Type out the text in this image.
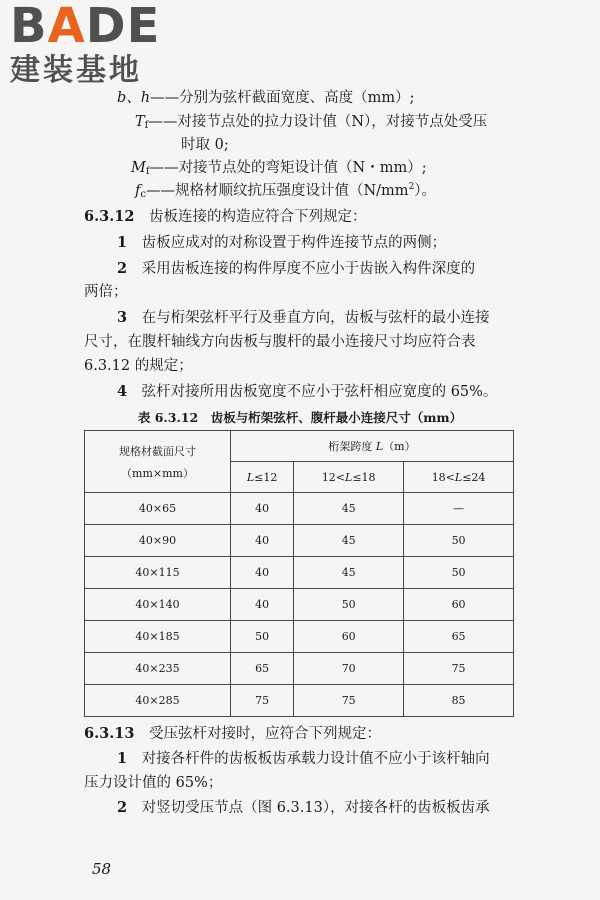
BADE
建装基地
b、h——分别为弦杆截面宽度、高度（mm）;
$T_f——$对接节点处的拉力设计值（N），对接节点处受压
时取 0;
$M_f——$对接节点处的弯矩设计值（N・mm）;
$f_c——$规格材顺纹抗压强度设计值$(N/mm^2)$。
6.3.12  齿板连接的构造应符合下列规定：
1  齿板应成对的对称设置于构件连接节点的两侧；
2  采用齿板连接的构件厚度不应小于齿嵌入构件深度的
两倍；
3  在与桁架弦杆平行及垂直方向，齿板与弦杆的最小连接
尺寸，在腹杆轴线方向齿板与腹杆的最小连接尺寸均应符合表
6.3.12 的规定；
4  弦杆对接所用齿板宽度不应小于弦杆相应宽度的 65%。
表 6.3.12　齿板与桁架弦杆、腹杆最小连接尺寸（mm）
规格材截面尺寸
（mm×mm）	桁架跨度 L（m）		
	L≤12	12<L≤18	18<L≤24
40×65	40	45	—
40×90	40	45	50
40×115	40	45	50
40×140	40	50	60
40×185	50	60	65
40×235	65	70	75
40×285	75	75	85
6.3.13  受压弦杆对接时，应符合下列规定：
1  对接各杆件的齿板板齿承载力设计值不应小于该杆轴向
压力设计值的 65%；
2  对竖切受压节点（图 6.3.13），对接各杆的齿板板齿承
58
